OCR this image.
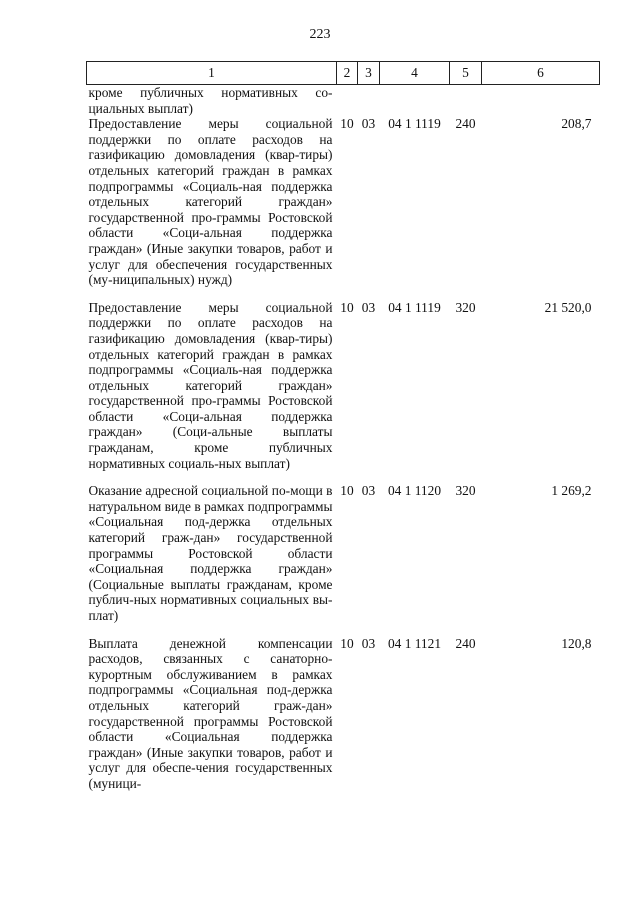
223
1	2	3	4	5	6
кроме публичных нормативных со-циальных выплат)					
Предоставление меры социальной поддержки по оплате расходов на газификацию домовладения (квар-тиры) отдельных категорий граждан в рамках подпрограммы «Социаль-ная поддержка отдельных категорий граждан» государственной про-граммы Ростовской области «Соци-альная поддержка граждан» (Иные закупки товаров, работ и услуг для обеспечения государственных (му-ниципальных) нужд)	10	03	04 1 1119	240	208,7
Предоставление меры социальной поддержки по оплате расходов на газификацию домовладения (квар-тиры) отдельных категорий граждан в рамках подпрограммы «Социаль-ная поддержка отдельных категорий граждан» государственной про-граммы Ростовской области «Соци-альная поддержка граждан» (Соци-альные выплаты гражданам, кроме публичных нормативных социаль-ных выплат)	10	03	04 1 1119	320	21 520,0
Оказание адресной социальной по-мощи в натуральном виде в рамках подпрограммы «Социальная под-держка отдельных категорий граж-дан» государственной программы Ростовской области «Социальная поддержка граждан» (Социальные выплаты гражданам, кроме публич-ных нормативных социальных вы-плат)	10	03	04 1 1120	320	1 269,2
Выплата денежной компенсации расходов, связанных с санаторно-курортным обслуживанием в рамках подпрограммы «Социальная под-держка отдельных категорий граж-дан» государственной программы Ростовской области «Социальная поддержка граждан» (Иные закупки товаров, работ и услуг для обеспе-чения государственных (муници-	10	03	04 1 1121	240	120,8
